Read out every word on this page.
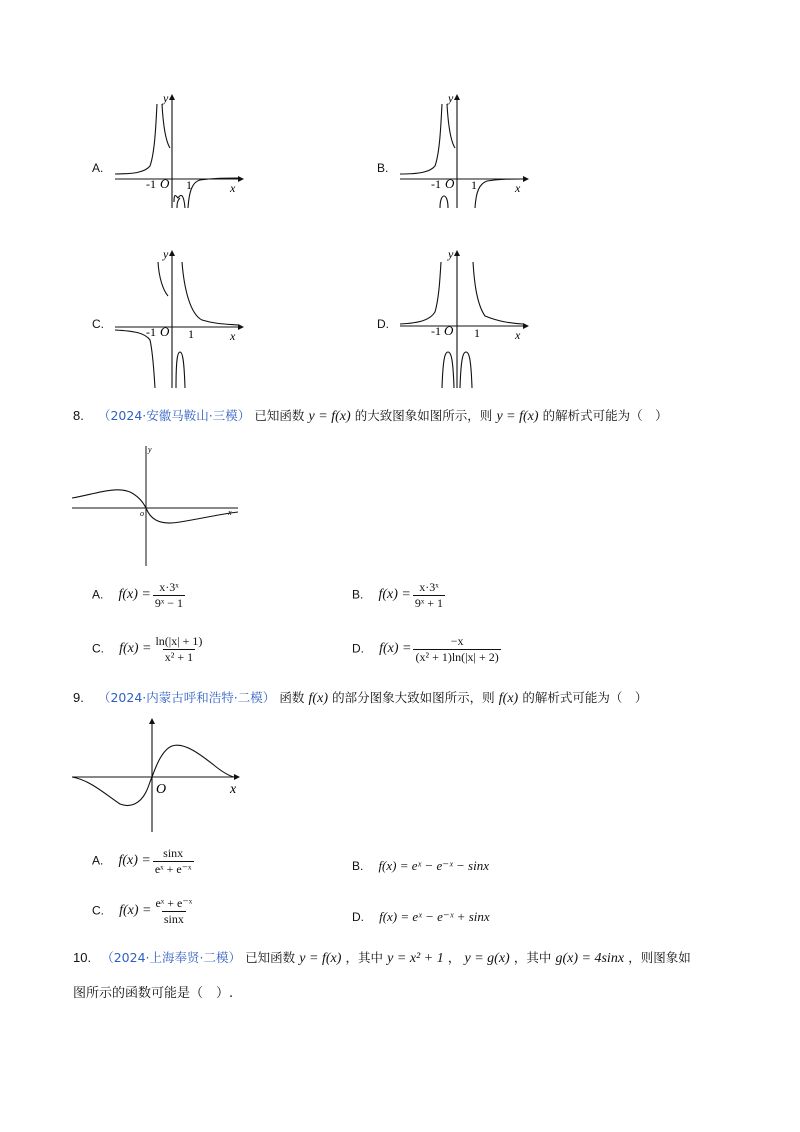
A.
-1 O 1	x
y
B.
-1 O 1	x
y
C.
-1 O 1	x
y
D.	-1 O 1	x
y
8. （2024·安徽马鞍山·三模） 已知函数 y = f(x) 的大致图象如图所示，则 y = f(x) 的解析式可能为（　）
y
o	x
A. $f(x) = \frac{\text{x·3ˣ}}{\text{9ˣ − 1}}$	B. $f(x) = \frac{\text{x·3ˣ}}{\text{9ˣ + 1}}$
C. $f(x) = \frac{\ln(|x| + 1)}{\text{x² + 1}}$	D. $f(x) = \frac{-x}{\text{(x² + 1)ln(|x| + 2)}}$
9. （2024·内蒙古呼和浩特·二模） 函数 f(x) 的部分图象大致如图所示，则 f(x) 的解析式可能为（　）
O	x
A. $f(x) = \frac{\sin x}{\text{eˣ + e⁻ˣ}}$	B. f(x) = eˣ − e⁻ˣ − sinx
C. $f(x) = \frac{\text{eˣ + e⁻ˣ}}{\sin x}$	D. f(x) = eˣ − e⁻ˣ + sinx
10. （2024·上海奉贤·二模） 已知函数 y = f(x) ，其中 y = x² + 1 ， y = g(x) ，其中 g(x) = 4sinx ，则图象如
图所示的函数可能是（　）.
